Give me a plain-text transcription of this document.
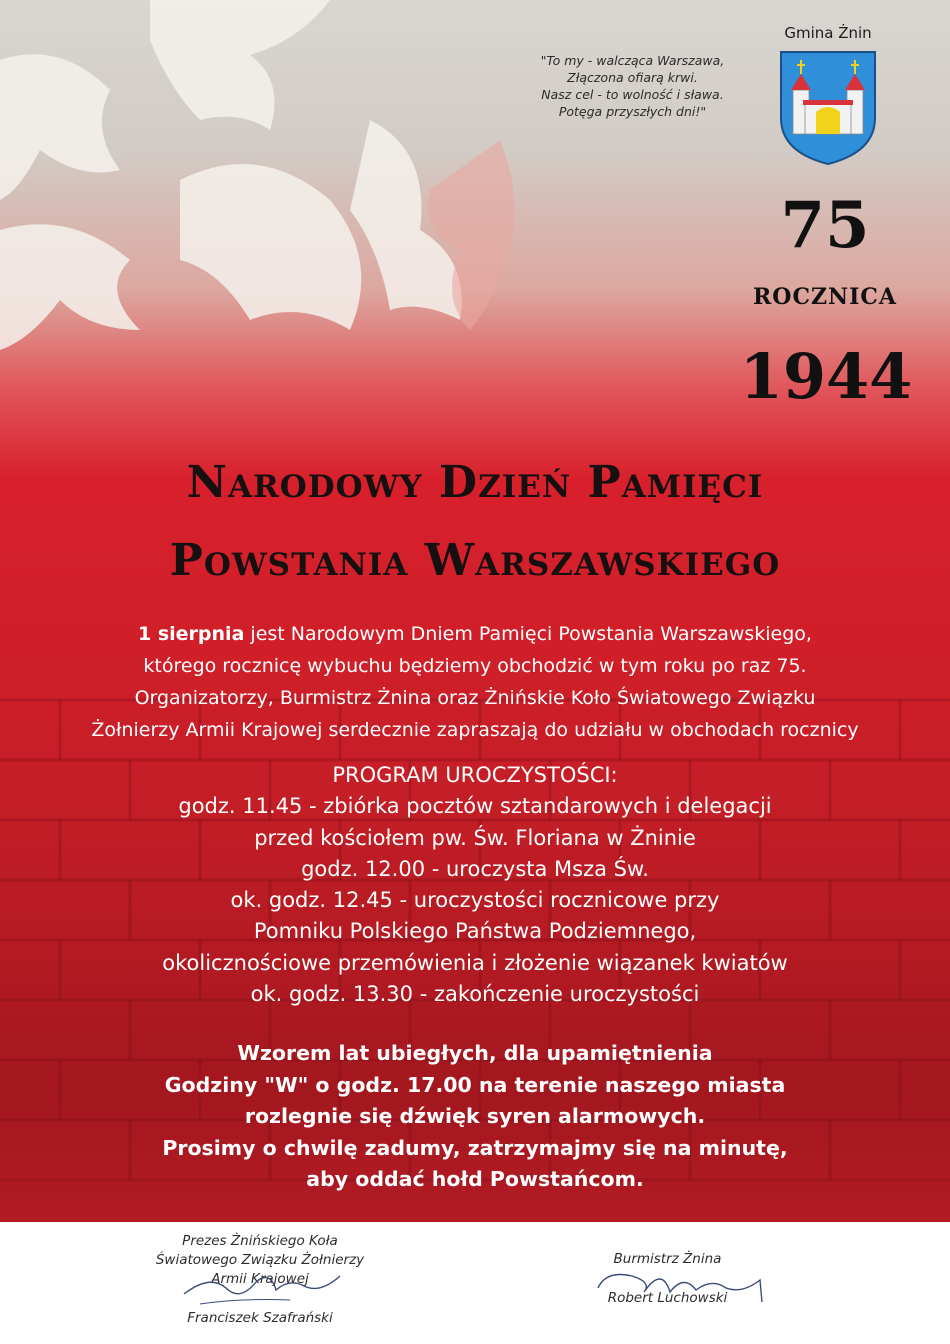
"To my - walcząca Warszawa,
Złączona ofiarą krwi.
Nasz cel - to wolność i sława.
Potęga przyszłych dni!"
Gmina Żnin
75
ROCZNICA
1944
Narodowy Dzień Pamięci
Powstania Warszawskiego
1 sierpnia jest Narodowym Dniem Pamięci Powstania Warszawskiego,
którego rocznicę wybuchu będziemy obchodzić w tym roku po raz 75.
Organizatorzy, Burmistrz Żnina oraz Żnińskie Koło Światowego Związku
Żołnierzy Armii Krajowej serdecznie zapraszają do udziału w obchodach rocznicy
PROGRAM UROCZYSTOŚCI:
godz. 11.45 - zbiórka pocztów sztandarowych i delegacji
przed kościołem pw. Św. Floriana w Żninie
godz. 12.00 - uroczysta Msza Św.
ok. godz. 12.45 - uroczystości rocznicowe przy
Pomniku Polskiego Państwa Podziemnego,
okolicznościowe przemówienia i złożenie wiązanek kwiatów
ok. godz. 13.30 - zakończenie uroczystości
Wzorem lat ubiegłych, dla upamiętnienia
Godziny "W" o godz. 17.00 na terenie naszego miasta
rozlegnie się dźwięk syren alarmowych.
Prosimy o chwilę zadumy, zatrzymajmy się na minutę,
aby oddać hołd Powstańcom.
Prezes Żnińskiego Koła
Światowego Związku Żołnierzy
Armii Krajowej
Franciszek Szafrański
Burmistrz Żnina
Robert Luchowski
